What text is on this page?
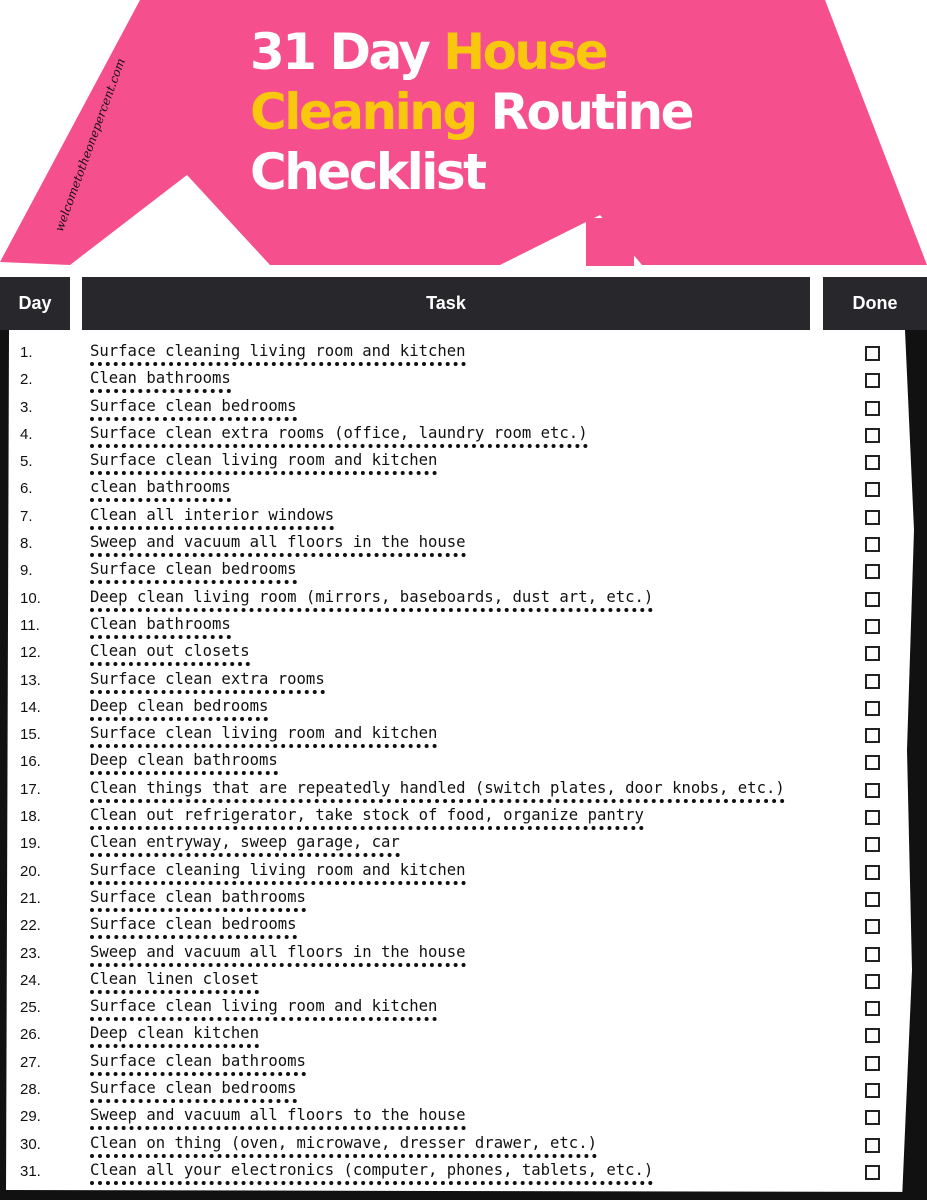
31 Day House
Cleaning Routine
Checklist
welcometotheonepercent.com
Day	Task	Done
1.	Surface cleaning living room and kitchen
2.	Clean bathrooms
3.	Surface clean bedrooms
4.	Surface clean extra rooms (office, laundry room etc.)
5.	Surface clean living room and kitchen
6.	clean bathrooms
7.	Clean all interior windows
8.	Sweep and vacuum all floors in the house
9.	Surface clean bedrooms
10.	Deep clean living room (mirrors, baseboards, dust art, etc.)
11.	Clean bathrooms
12.	Clean out closets
13.	Surface clean extra rooms
14.	Deep clean bedrooms
15.	Surface clean living room and kitchen
16.	Deep clean bathrooms
17.	Clean things that are repeatedly handled (switch plates, door knobs, etc.)
18.	Clean out refrigerator, take stock of food, organize pantry
19.	Clean entryway, sweep garage, car
20.	Surface cleaning living room and kitchen
21.	Surface clean bathrooms
22.	Surface clean bedrooms
23.	Sweep and vacuum all floors in the house
24.	Clean linen closet
25.	Surface clean living room and kitchen
26.	Deep clean kitchen
27.	Surface clean bathrooms
28.	Surface clean bedrooms
29.	Sweep and vacuum all floors to the house
30.	Clean on thing (oven, microwave, dresser drawer, etc.)
31.	Clean all your electronics (computer, phones, tablets, etc.)
